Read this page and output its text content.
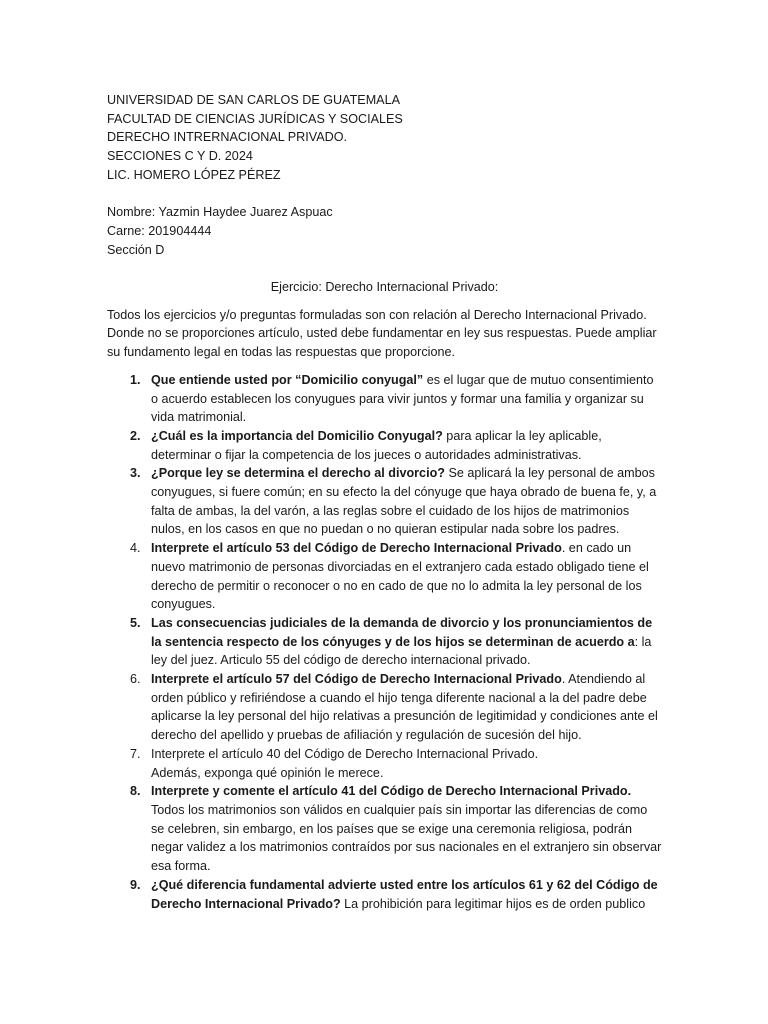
UNIVERSIDAD DE SAN CARLOS DE GUATEMALA
FACULTAD DE CIENCIAS JURÍDICAS Y SOCIALES
DERECHO INTRERNACIONAL PRIVADO.
SECCIONES C Y D. 2024
LIC. HOMERO LÓPEZ PÉREZ
Nombre: Yazmin Haydee Juarez Aspuac
Carne: 201904444
Sección D
Ejercicio: Derecho Internacional Privado:
Todos los ejercicios y/o preguntas formuladas son con relación al Derecho Internacional Privado. Donde no se proporciones artículo, usted debe fundamentar en ley sus respuestas. Puede ampliar su fundamento legal en todas las respuestas que proporcione.
1. Que entiende usted por “Domicilio conyugal” es el lugar que de mutuo consentimiento o acuerdo establecen los conyugues para vivir juntos y formar una familia y organizar su vida matrimonial.
2. ¿Cuál es la importancia del Domicilio Conyugal? para aplicar la ley aplicable, determinar o fijar la competencia de los jueces o autoridades administrativas.
3. ¿Porque ley se determina el derecho al divorcio? Se aplicará la ley personal de ambos conyugues, si fuere común; en su efecto la del cónyuge que haya obrado de buena fe, y, a falta de ambas, la del varón, a las reglas sobre el cuidado de los hijos de matrimonios nulos, en los casos en que no puedan o no quieran estipular nada sobre los padres.
4. Interprete el artículo 53 del Código de Derecho Internacional Privado. en cado un nuevo matrimonio de personas divorciadas en el extranjero cada estado obligado tiene el derecho de permitir o reconocer o no en cado de que no lo admita la ley personal de los conyugues.
5. Las consecuencias judiciales de la demanda de divorcio y los pronunciamientos de la sentencia respecto de los cónyuges y de los hijos se determinan de acuerdo a: la ley del juez. Articulo 55 del código de derecho internacional privado.
6. Interprete el artículo 57 del Código de Derecho Internacional Privado. Atendiendo al orden público y refiriéndose a cuando el hijo tenga diferente nacional a la del padre debe aplicarse la ley personal del hijo relativas a presunción de legitimidad y condiciones ante el derecho del apellido y pruebas de afiliación y regulación de sucesión del hijo.
7. Interprete el artículo 40 del Código de Derecho Internacional Privado.
Además, exponga qué opinión le merece.
8. Interprete y comente el artículo 41 del Código de Derecho Internacional Privado. Todos los matrimonios son válidos en cualquier país sin importar las diferencias de como se celebren, sin embargo, en los países que se exige una ceremonia religiosa, podrán negar validez a los matrimonios contraídos por sus nacionales en el extranjero sin observar esa forma.
9. ¿Qué diferencia fundamental advierte usted entre los artículos 61 y 62 del Código de Derecho Internacional Privado? La prohibición para legitimar hijos es de orden publico
